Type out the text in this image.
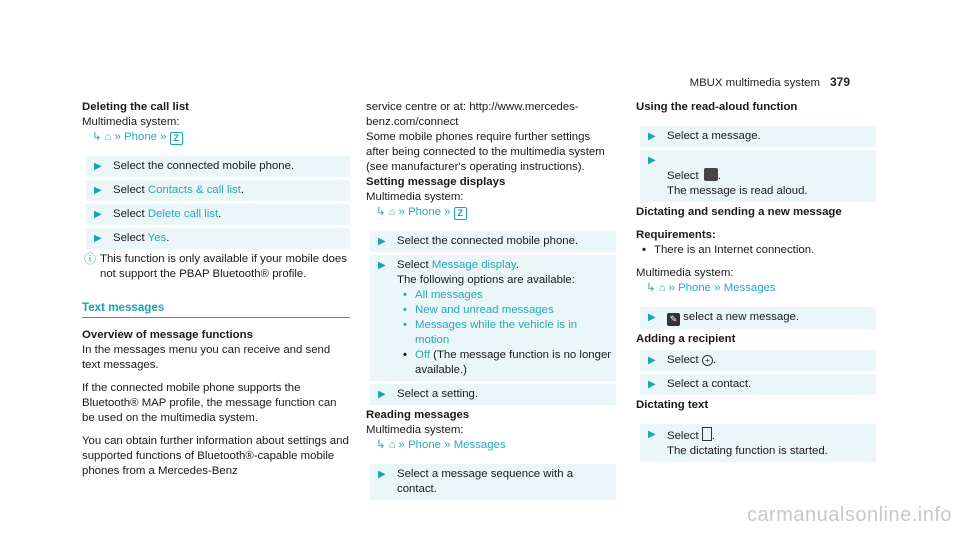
MBUX multimedia system 379
Deleting the call list
Multimedia system:
↳ ⌂ » Phone » Z
▶ Select the connected mobile phone.
▶ Select Contacts & call list.
▶ Select Delete call list.
▶ Select Yes.
ⓘ This function is only available if your mobile does not support the PBAP Bluetooth® profile.
Text messages
Overview of message functions

In the messages menu you can receive and send text messages.

If the connected mobile phone supports the Bluetooth® MAP profile, the message function can be used on the multimedia system.

You can obtain further information about settings and supported functions of Bluetooth®-capable mobile phones from a Mercedes-Benz

service centre or at: http://www.mercedes-benz.com/connect

Some mobile phones require further settings after being connected to the multimedia system (see manufacturer's operating instructions).

Setting message displays
Multimedia system:
↳ ⌂ » Phone » Z
▶ Select the connected mobile phone.
▶ Select Message display.
The following options are available:
• All messages
• New and unread messages
• Messages while the vehicle is in motion
• Off (The message function is no longer available.)
▶ Select a setting.
Reading messages
Multimedia system:
↳ ⌂ » Phone » Messages
▶ Select a message sequence with a contact.
Using the read-aloud function
▶ Select a message.
▶

Select .
The message is read aloud.
Dictating and sending a new message
Requirements:
• There is an Internet connection.
Multimedia system:
↳ ⌂ » Phone » Messages
▶ ✎ select a new message.
Adding a recipient
▶ Select + .
▶ Select a contact.
Dictating text
▶ Select .
The dictating function is started.
carmanualsonline.info
